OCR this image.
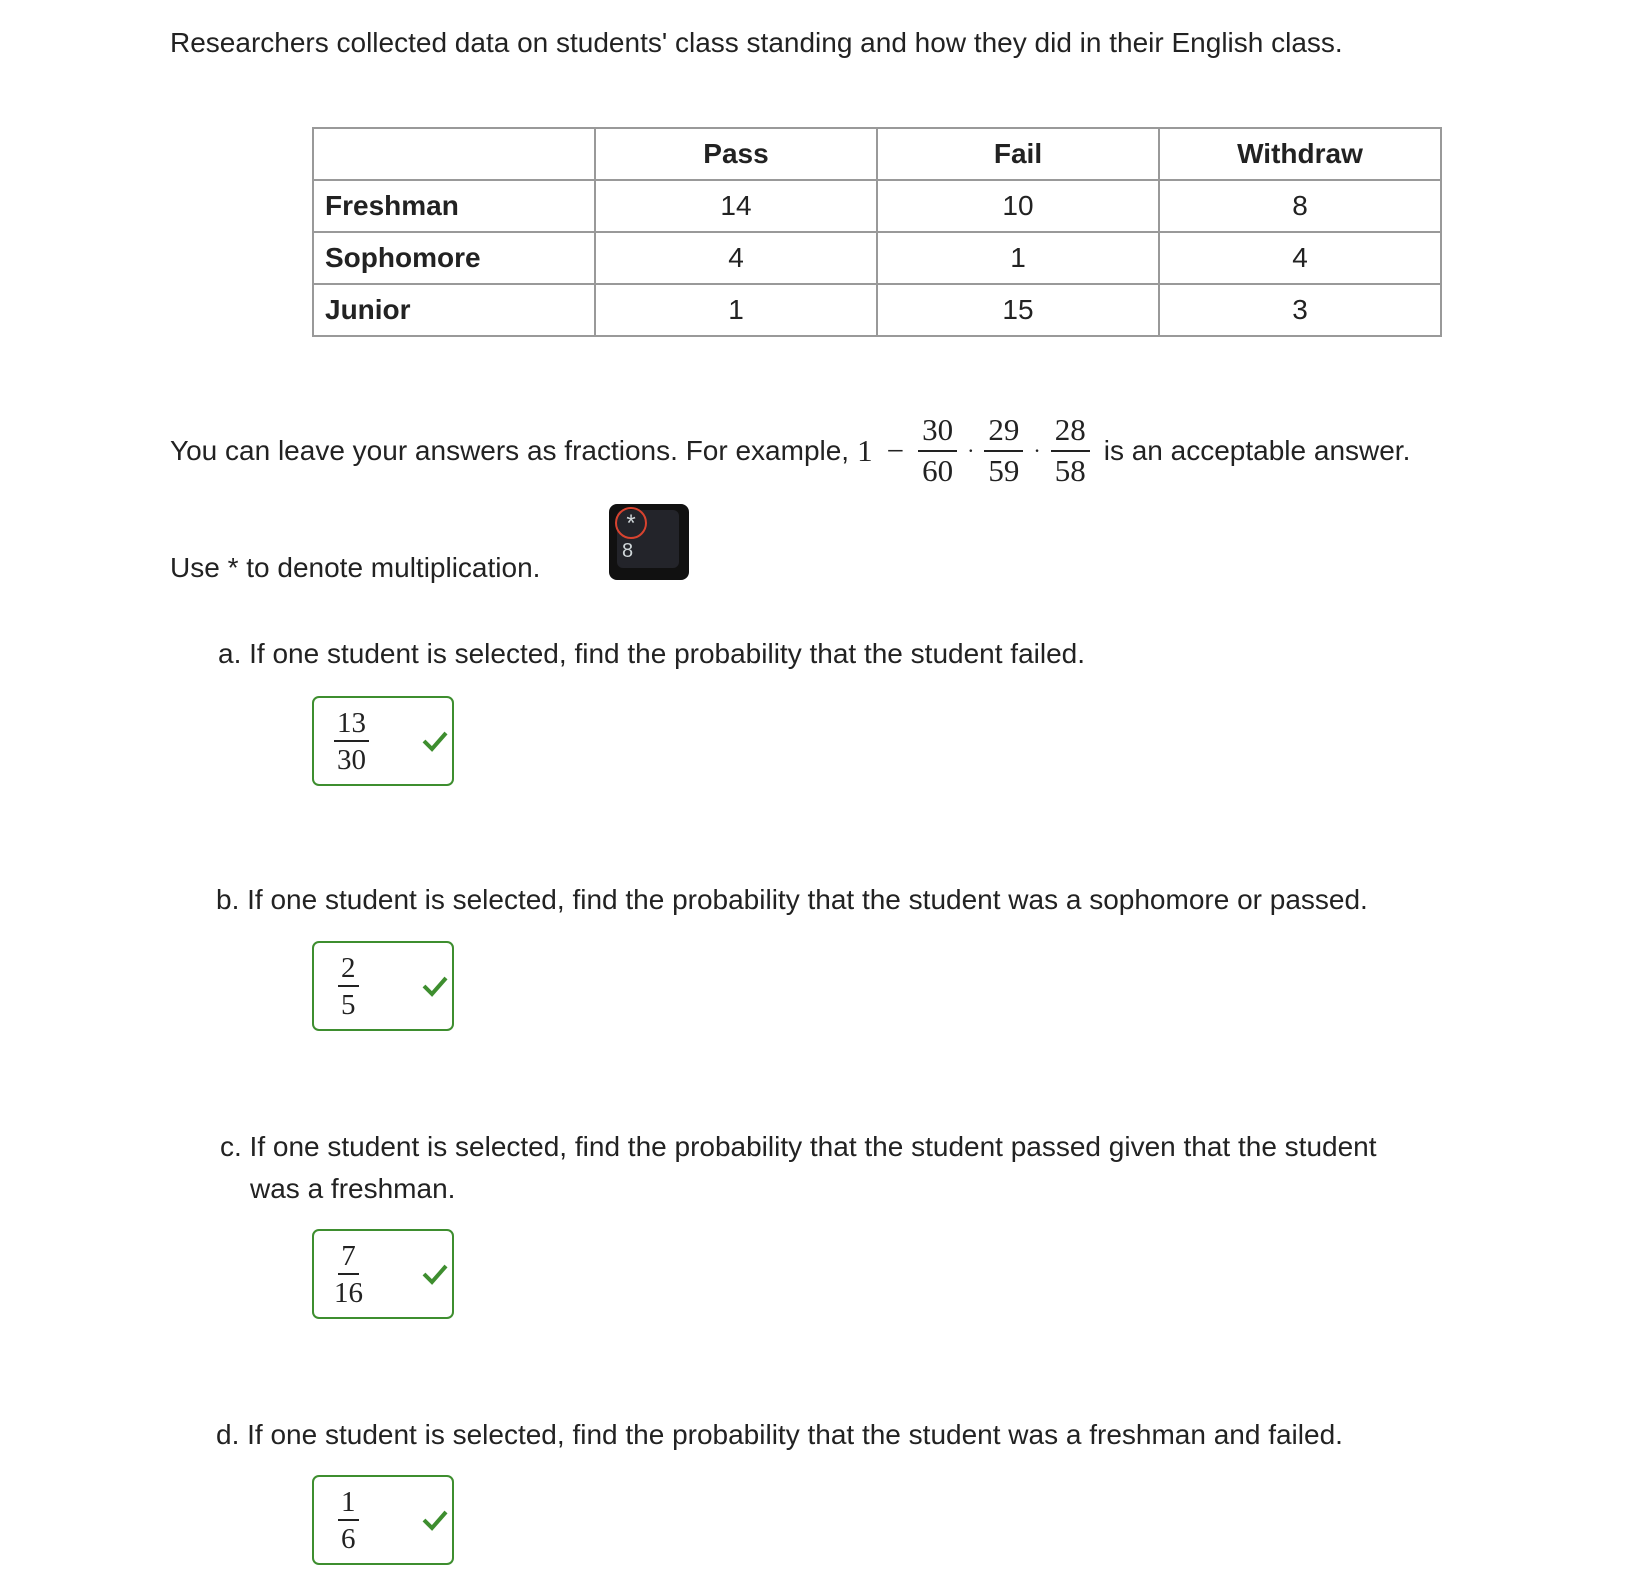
Researchers collected data on students' class standing and how they did in their English class.
	Pass	Fail	Withdraw
Freshman	14	10	8
Sophomore	4	1	4
Junior	1	15	3
You can leave your answers as fractions. For example, $1 - \frac{30}{60} \cdot \frac{29}{59} \cdot \frac{28}{58}$ is an acceptable answer.
Use * to denote multiplication.
*
8
a. If one student is selected, find the probability that the student failed.
$\frac{13}{30}$
b. If one student is selected, find the probability that the student was a sophomore or passed.
$\frac{2}{5}$
c. If one student is selected, find the probability that the student passed given that the student
was a freshman.
$\frac{7}{16}$
d. If one student is selected, find the probability that the student was a freshman and failed.
$\frac{1}{6}$
